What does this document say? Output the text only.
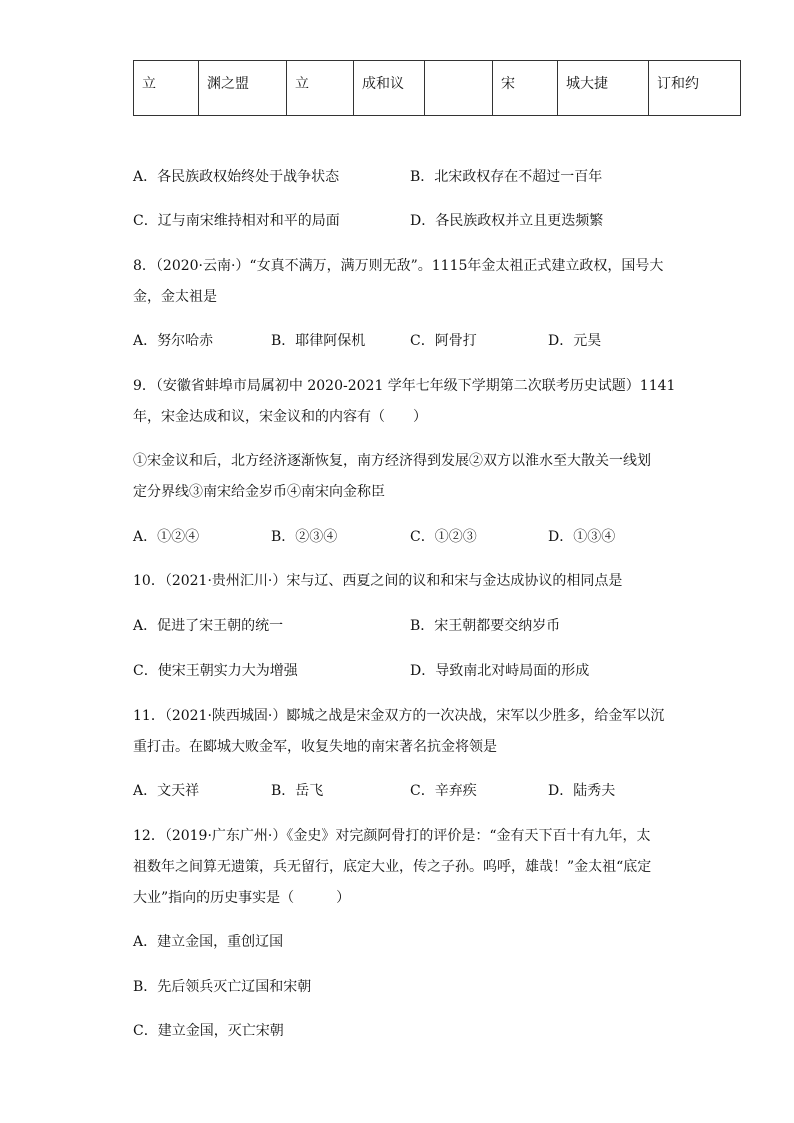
立	渊之盟	立	成和议		宋	城大捷	订和约
A．各民族政权始终处于战争状态	B．北宋政权存在不超过一百年
C．辽与南宋维持相对和平的局面	D．各民族政权并立且更迭频繁
8．（2020·云南·）“女真不满万，满万则无敌”。1115年金太祖正式建立政权，国号大
金，金太祖是
A．努尔哈赤	B．耶律阿保机	C．阿骨打	D．元昊
9．（安徽省蚌埠市局属初中 2020-2021 学年七年级下学期第二次联考历史试题）1141
年，宋金达成和议，宋金议和的内容有（　　）
①宋金议和后，北方经济逐渐恢复，南方经济得到发展②双方以淮水至大散关一线划
定分界线③南宋给金岁币④南宋向金称臣
A．①②④	B．②③④	C．①②③	D．①③④
10．（2021·贵州汇川·）宋与辽、西夏之间的议和和宋与金达成协议的相同点是
A．促进了宋王朝的统一	B．宋王朝都要交纳岁币
C．使宋王朝实力大为增强	D．导致南北对峙局面的形成
11．（2021·陕西城固·）郾城之战是宋金双方的一次决战，宋军以少胜多，给金军以沉
重打击。在郾城大败金军，收复失地的南宋著名抗金将领是
A．文天祥	B．岳飞	C．辛弃疾	D．陆秀夫
12．（2019·广东广州·）《金史》对完颜阿骨打的评价是：“金有天下百十有九年，太
祖数年之间算无遗策，兵无留行，底定大业，传之子孙。呜呼，雄哉！”金太祖“底定
大业”指向的历史事实是（　　　）
A．建立金国，重创辽国
B．先后领兵灭亡辽国和宋朝
C．建立金国，灭亡宋朝
